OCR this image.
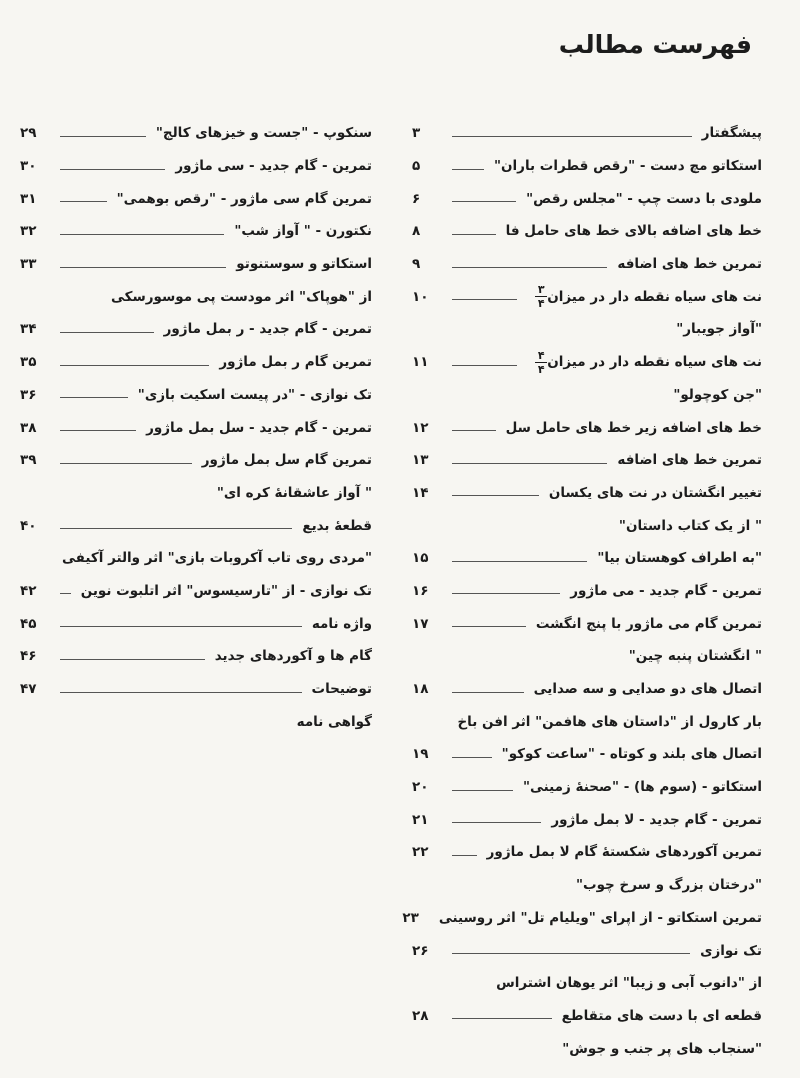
فهرست مطالب
پیشگفتار
۳
استکاتو مچ دست - "رقص قطرات باران"
۵
ملودی با دست چپ - "مجلس رقص"
۶
خط های اضافه بالای خط های حامل فا
۸
تمرین خط های اضافه
۹
نت های سیاه نقطه دار در میزان
$\frac{۳}{۴}$
۱۰
"آواز جویبار"
نت های سیاه نقطه دار در میزان
$\frac{۴}{۴}$
۱۱
"جن کوچولو"
خط های اضافه زیر خط های حامل سل
۱۲
تمرین خط های اضافه
۱۳
تغییر انگشتان در نت های یکسان
۱۴
" از یک کتاب داستان"
"به اطراف کوهستان بیا"
۱۵
تمرین - گام جدید - می ماژور
۱۶
تمرین گام می ماژور با پنج انگشت
۱۷
" انگشتان پنبه چین"
اتصال های دو صدایی و سه صدایی
۱۸
بار کارول از "داستان های هافمن" اثر افن باخ
اتصال های بلند و کوتاه - "ساعت کوکو"
۱۹
استکاتو - (سوم ها) - "صحنهٔ زمینی"
۲۰
تمرین - گام جدید - لا بمل ماژور
۲۱
تمرین آکوردهای شکستهٔ گام لا بمل ماژور
۲۲
"درختان بزرگ و سرخ چوب"
تمرین استکاتو - از اپرای "ویلیام تل" اثر روسینی
۲۳
تک نوازی
۲۶
از "دانوب آبی و زیبا" اثر یوهان اشتراس
قطعه ای با دست های متقاطع
۲۸
"سنجاب های پر جنب و جوش"
سنکوپ - "جست و خیزهای کالج"
۲۹
تمرین - گام جدید - سی ماژور
۳۰
تمرین گام سی ماژور - "رقص بوهمی"
۳۱
نکتورن - " آواز شب"
۳۲
استکاتو و سوستنوتو
۳۳
از "هوپاک" اثر مودست پی موسورسکی
تمرین - گام جدید - ر بمل ماژور
۳۴
تمرین گام ر بمل ماژور
۳۵
تک نوازی - "در پیست اسکیت بازی"
۳۶
تمرین - گام جدید - سل بمل ماژور
۳۸
تمرین گام سل بمل ماژور
۳۹
" آواز عاشقانهٔ کره ای"
قطعهٔ بدیع
۴۰
"مردی روی تاب آکروبات بازی" اثر والتر آکیفی
تک نوازی - از "تارسیسوس" اثر اتلبوت نوین
۴۲
واژه نامه
۴۵
گام ها و آکوردهای جدید
۴۶
توضیحات
۴۷
گواهی نامه
